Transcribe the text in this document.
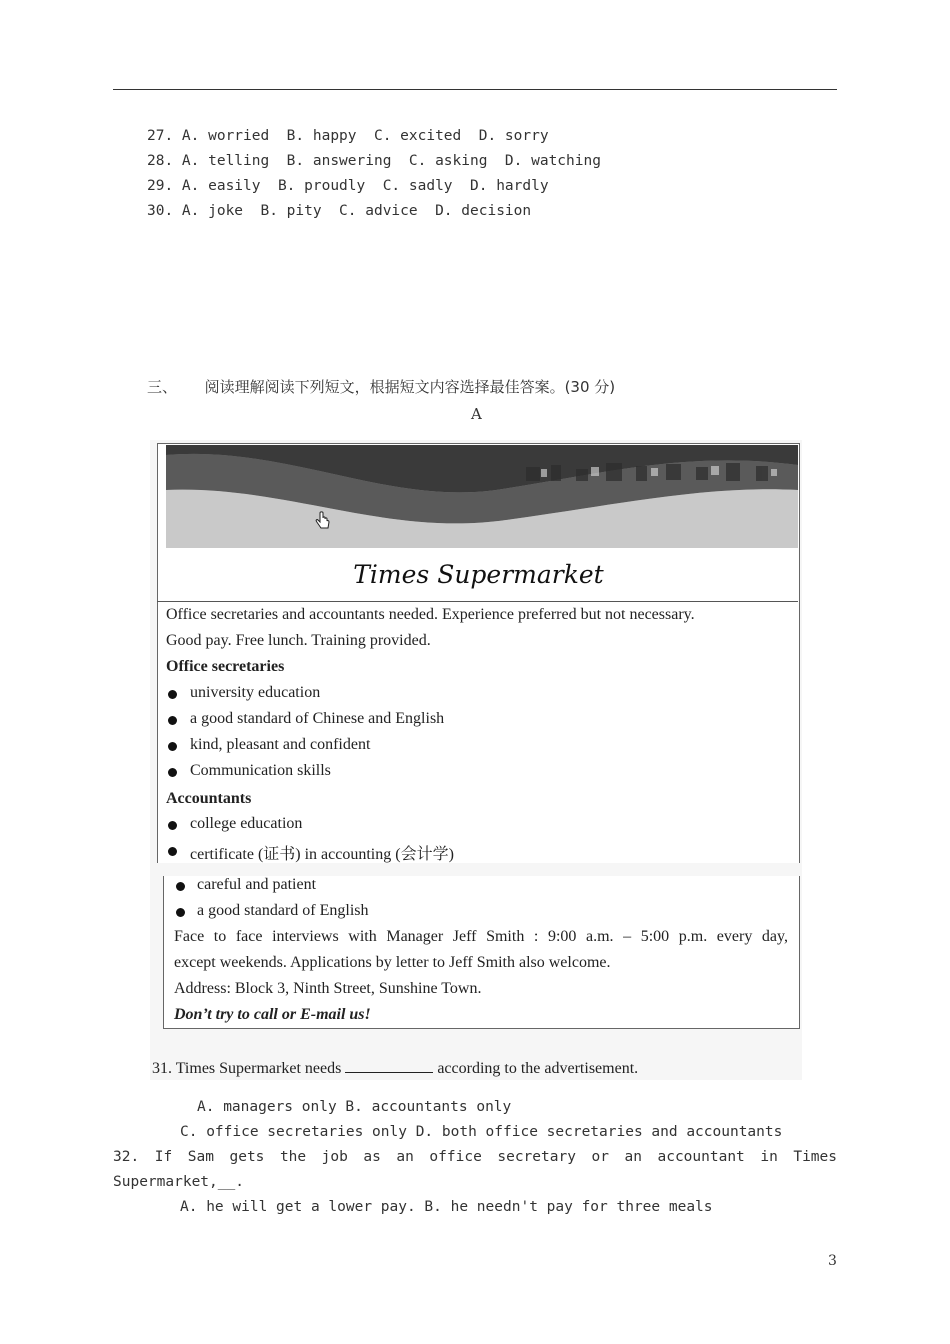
27. A. worried  B. happy  C. excited  D. sorry
28. A. telling  B. answering  C. asking  D. watching
29. A. easily  B. proudly  C. sadly  D. hardly
30. A. joke  B. pity  C. advice  D. decision
三、 阅读理解阅读下列短文，根据短文内容选择最佳答案。(30 分)
A
Times Supermarket
Office secretaries and accountants needed. Experience preferred but not necessary.
Good pay. Free lunch. Training provided.
Office secretaries
university education
a good standard of Chinese and English
kind, pleasant and confident
Communication skills
Accountants
college education
certificate (证书) in accounting (会计学)
careful and patient
a good standard of English
Face to face interviews with Manager Jeff Smith : 9:00 a.m. – 5:00 p.m. every day,
except weekends. Applications by letter to Jeff Smith also welcome.
Address: Block 3, Ninth Street, Sunshine Town.
Don’t try to call or E-mail us!
31. Times Supermarket needs	according to the advertisement.
A. managers only B. accountants only
C. office secretaries only D. both office secretaries and accountants
32. If Sam gets the job as an office secretary or an accountant in Times
Supermarket,__.
A. he will get a lower pay. B. he needn't pay for three meals
3
